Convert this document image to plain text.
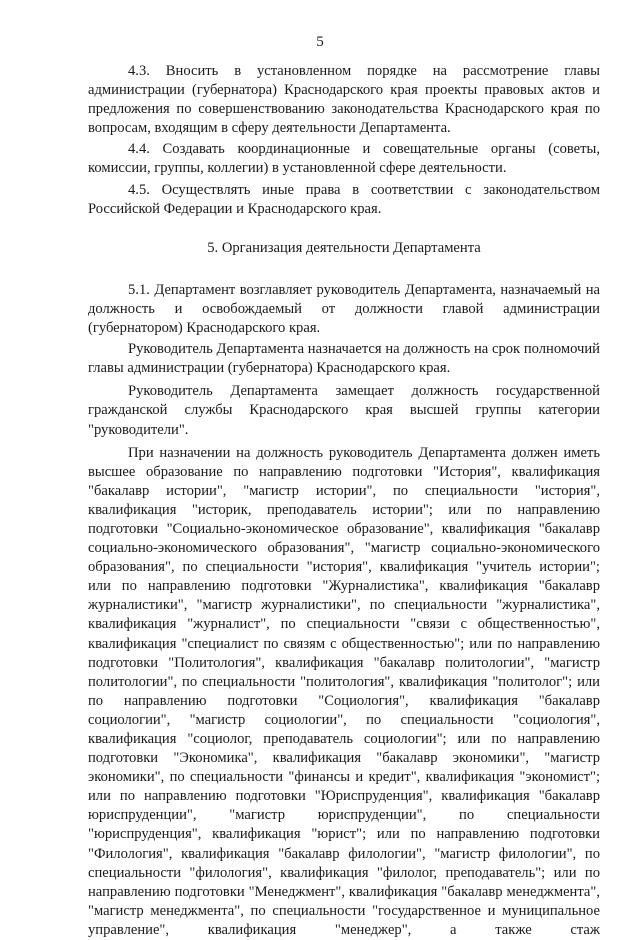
5

4.3. Вносить в установленном порядке на рассмотрение главы администрации (губернатора) Краснодарского края проекты правовых актов и предложения по совершенствованию законодательства Краснодарского края по вопросам, входящим в сферу деятельности Департамента.

4.4. Создавать координационные и совещательные органы (советы, комиссии, группы, коллегии) в установленной сфере деятельности.

4.5. Осуществлять иные права в соответствии с законодательством Российской Федерации и Краснодарского края.

5. Организация деятельности Департамента

5.1. Департамент возглавляет руководитель Департамента, назначаемый на должность и освобождаемый от должности главой администрации (губернатором) Краснодарского края.

Руководитель Департамента назначается на должность на срок полномочий главы администрации (губернатора) Краснодарского края.

Руководитель Департамента замещает должность государственной гражданской службы Краснодарского края высшей группы категории "руководители".

При назначении на должность руководитель Департамента должен иметь высшее образование по направлению подготовки "История", квалификация "бакалавр истории", "магистр истории", по специальности "история", квалификация "историк, преподаватель истории"; или по направлению подготовки "Социально-экономическое образование", квалификация "бакалавр социально-экономического образования", "магистр социально-экономического образования", по специальности "история", квалификация "учитель истории"; или по направлению подготовки "Журналистика", квалификация "бакалавр журналистики", "магистр журналистики", по специальности "журналистика", квалификация "журналист", по специальности "связи с общественностью", квалификация "специалист по связям с общественностью"; или по направлению подготовки "Политология", квалификация "бакалавр политологии", "магистр политологии", по специальности "политология", квалификация "политолог"; или по направлению подготовки "Социология", квалификация "бакалавр социологии", "магистр социологии", по специальности "социология", квалификация "социолог, преподаватель социологии"; или по направлению подготовки "Экономика", квалификация "бакалавр экономики", "магистр экономики", по специальности "финансы и кредит", квалификация "экономист"; или по направлению подготовки "Юриспруденция", квалификация "бакалавр юриспруденции", "магистр юриспруденции", по специальности "юриспруденция", квалификация "юрист"; или по направлению подготовки "Филология", квалификация "бакалавр филологии", "магистр филологии", по специальности "филология", квалификация "филолог, преподаватель"; или по направлению подготовки "Менеджмент", квалификация "бакалавр менеджмента", "магистр менеджмента", по специальности "государственное и муниципальное управление", квалификация "менеджер", а также стаж
